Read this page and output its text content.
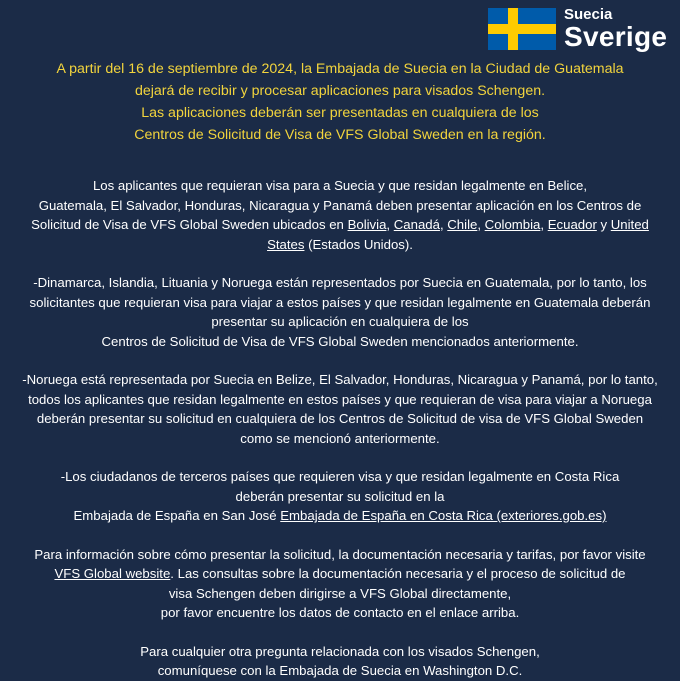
Suecia
Sverige

A partir del 16 de septiembre de 2024, la Embajada de Suecia en la Ciudad de Guatemala
dejará de recibir y procesar aplicaciones para visados Schengen.
Las aplicaciones deberán ser presentadas en cualquiera de los
Centros de Solicitud de Visa de VFS Global Sweden en la región.

Los aplicantes que requieran visa para a Suecia y que residan legalmente en Belice,
Guatemala, El Salvador, Honduras, Nicaragua y Panamá deben presentar aplicación en los Centros de
Solicitud de Visa de VFS Global Sweden ubicados en Bolivia, Canadá, Chile, Colombia, Ecuador y United
States (Estados Unidos).

-Dinamarca, Islandia, Lituania y Noruega están representados por Suecia en Guatemala, por lo tanto, los
solicitantes que requieran visa para viajar a estos países y que residan legalmente en Guatemala deberán
presentar su aplicación en cualquiera de los
Centros de Solicitud de Visa de VFS Global Sweden mencionados anteriormente.

-Noruega está representada por Suecia en Belize, El Salvador, Honduras, Nicaragua y Panamá, por lo tanto,
todos los aplicantes que residan legalmente en estos países y que requieran de visa para viajar a Noruega
deberán presentar su solicitud en cualquiera de los Centros de Solicitud de visa de VFS Global Sweden
como se mencionó anteriormente.

-Los ciudadanos de terceros países que requieren visa y que residan legalmente en Costa Rica
deberán presentar su solicitud en la
Embajada de España en San José Embajada de España en Costa Rica (exteriores.gob.es)

Para información sobre cómo presentar la solicitud, la documentación necesaria y tarifas, por favor visite
VFS Global website. Las consultas sobre la documentación necesaria y el proceso de solicitud de
visa Schengen deben dirigirse a VFS Global directamente,
por favor encuentre los datos de contacto en el enlace arriba.

Para cualquier otra pregunta relacionada con los visados Schengen,
comuníquese con la Embajada de Suecia en Washington D.C.
